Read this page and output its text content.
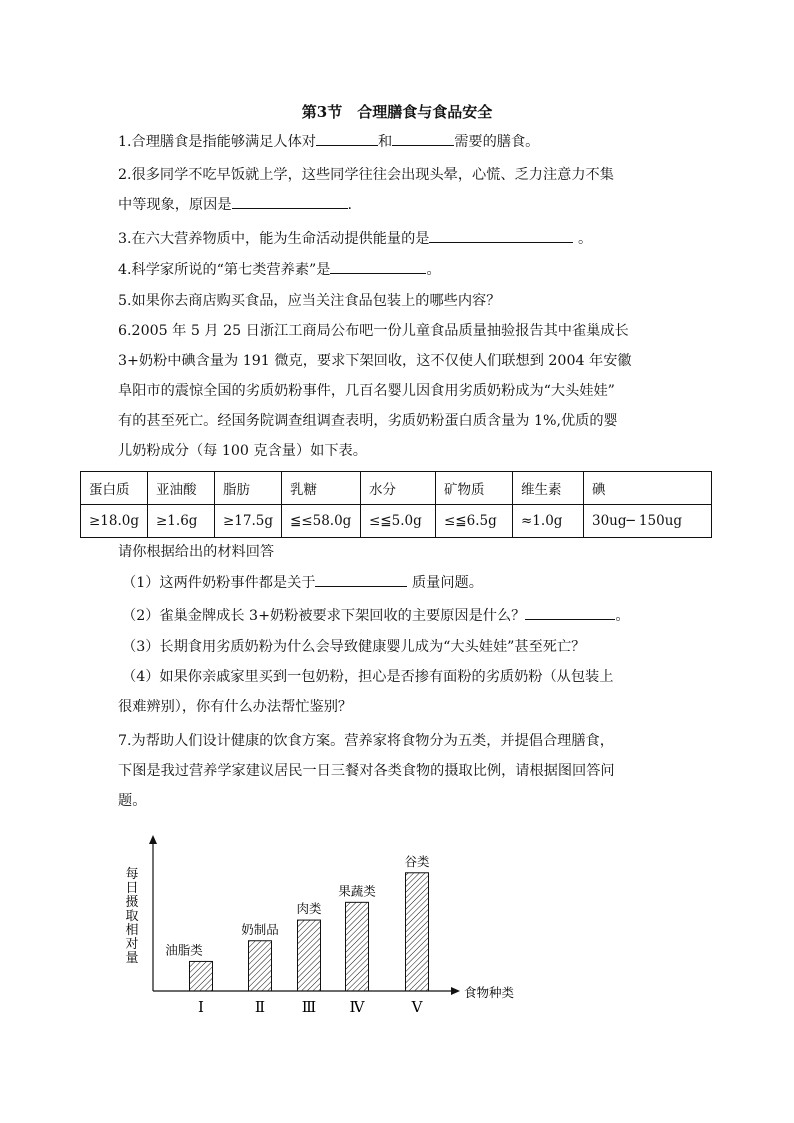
第3节　合理膳食与食品安全
1.合理膳食是指能够满足人体对	和	需要的膳食。
2.很多同学不吃早饭就上学，这些同学往往会出现头晕，心慌、乏力注意力不集
中等现象，原因是	.
3.在六大营养物质中，能为生命活动提供能量的是	。
4.科学家所说的“第七类营养素”是	。
5.如果你去商店购买食品，应当关注食品包装上的哪些内容？
6.2005 年 5 月 25 日浙江工商局公布吧一份儿童食品质量抽验报告其中雀巢成长
3+奶粉中碘含量为 191 微克，要求下架回收，这不仅使人们联想到 2004 年安徽
阜阳市的震惊全国的劣质奶粉事件，几百名婴儿因食用劣质奶粉成为“大头娃娃”
有的甚至死亡。经国务院调查组调查表明，劣质奶粉蛋白质含量为 1%,优质的婴
儿奶粉成分（每 100 克含量）如下表。
蛋白质	亚油酸	脂肪	乳糖	水分	矿物质	维生素	碘
≥18.0g	≥1.6g	≥17.5g	≦≤58.0g	≤≦5.0g	≤≦6.5g	≈1.0g	30ug─ 150ug
请你根据给出的材料回答
（1）这两件奶粉事件都是关于	质量问题。
（2）雀巢金牌成长 3+奶粉被要求下架回收的主要原因是什么？	。
（3）长期食用劣质奶粉为什么会导致健康婴儿成为“大头娃娃”甚至死亡？
（4）如果你亲戚家里买到一包奶粉，担心是否掺有面粉的劣质奶粉（从包装上
很难辨别），你有什么办法帮忙鉴别？
7.为帮助人们设计健康的饮食方案。营养家将食物分为五类，并提倡合理膳食，
下图是我过营养学家建议居民一日三餐对各类食物的摄取比例，请根据图回答问
题。
每
日
摄
取
相
对
量
食物种类
油脂类
Ⅰ
奶制品
Ⅱ
肉类
Ⅲ
果蔬类
Ⅳ
谷类
Ⅴ
